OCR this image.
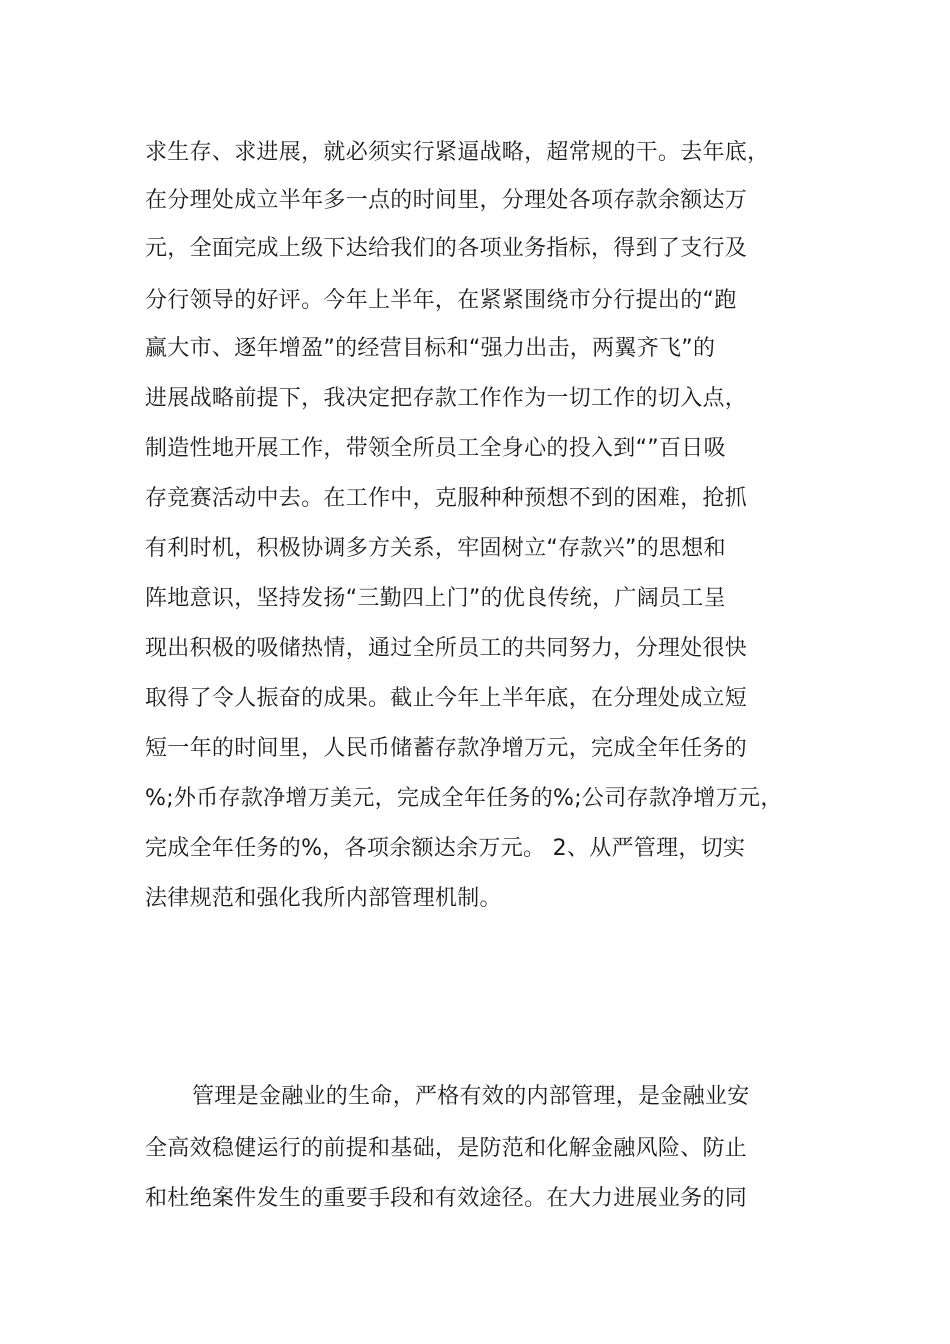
求生存、求进展，就必须实行紧逼战略，超常规的干。去年底，

在分理处成立半年多一点的时间里，分理处各项存款余额达万

元，全面完成上级下达给我们的各项业务指标，得到了支行及

分行领导的好评。今年上半年，在紧紧围绕市分行提出的“跑

赢大市、逐年增盈”的经营目标和“强力出击，两翼齐飞”的

进展战略前提下，我决定把存款工作作为一切工作的切入点，

制造性地开展工作，带领全所员工全身心的投入到“”百日吸

存竞赛活动中去。在工作中，克服种种预想不到的困难，抢抓

有利时机，积极协调多方关系，牢固树立“存款兴”的思想和

阵地意识，坚持发扬“三勤四上门”的优良传统，广阔员工呈

现出积极的吸储热情，通过全所员工的共同努力，分理处很快

取得了令人振奋的成果。截止今年上半年底，在分理处成立短

短一年的时间里，人民币储蓄存款净增万元，完成全年任务的

%;外币存款净增万美元，完成全年任务的%;公司存款净增万元，

完成全年任务的%，各项余额达余万元。 2、从严管理，切实

法律规范和强化我所内部管理机制。

管理是金融业的生命，严格有效的内部管理，是金融业安

全高效稳健运行的前提和基础，是防范和化解金融风险、防止

和杜绝案件发生的重要手段和有效途径。在大力进展业务的同
